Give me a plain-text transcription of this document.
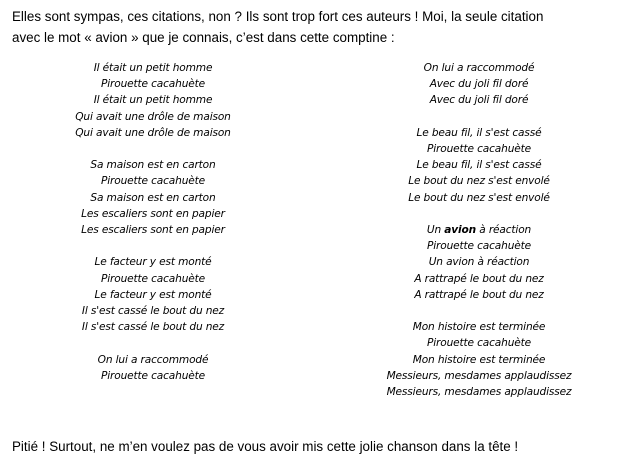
Elles sont sympas, ces citations, non ? Ils sont trop fort ces auteurs ! Moi, la seule citation
avec le mot « avion » que je connais, c’est dans cette comptine :

Il était un petit homme
Pirouette cacahuète
Il était un petit homme
Qui avait une drôle de maison
Qui avait une drôle de maison
Sa maison est en carton
Pirouette cacahuète
Sa maison est en carton
Les escaliers sont en papier
Les escaliers sont en papier
Le facteur y est monté
Pirouette cacahuète
Le facteur y est monté
Il s'est cassé le bout du nez
Il s'est cassé le bout du nez
On lui a raccommodé
Pirouette cacahuète
On lui a raccommodé
Avec du joli fil doré
Avec du joli fil doré
Le beau fil, il s'est cassé
Pirouette cacahuète
Le beau fil, il s'est cassé
Le bout du nez s'est envolé
Le bout du nez s'est envolé
Un avion à réaction
Pirouette cacahuète
Un avion à réaction
A rattrapé le bout du nez
A rattrapé le bout du nez
Mon histoire est terminée
Pirouette cacahuète
Mon histoire est terminée
Messieurs, mesdames applaudissez
Messieurs, mesdames applaudissez

Pitié ! Surtout, ne m’en voulez pas de vous avoir mis cette jolie chanson dans la tête !
